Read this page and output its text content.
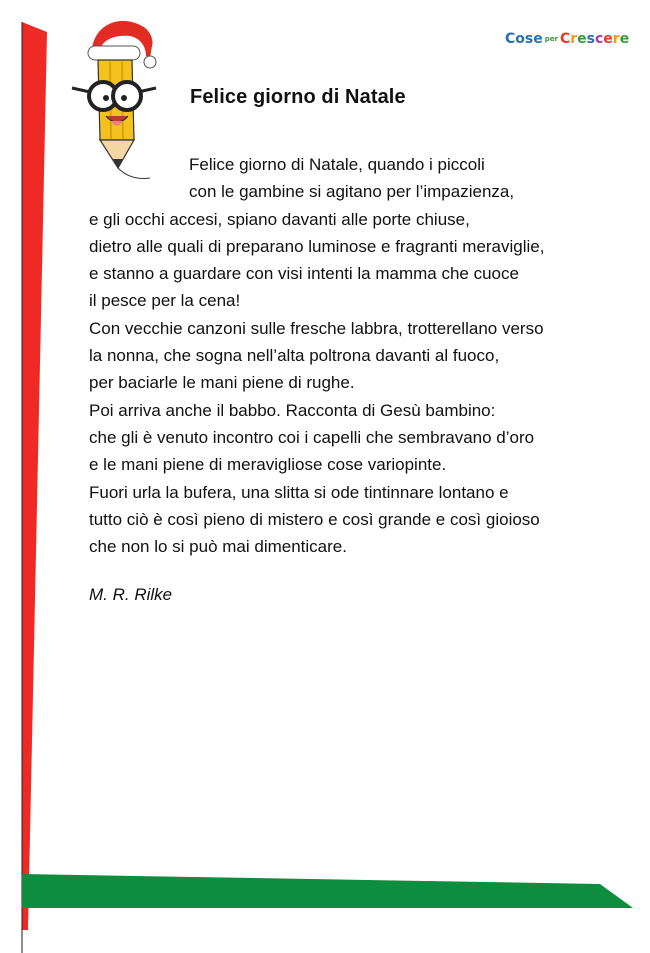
Cose per Crescere
Felice giorno di Natale
Felice giorno di Natale, quando i piccoli
con le gambine si agitano per l’impazienza,
e gli occhi accesi, spiano davanti alle porte chiuse,
dietro alle quali di preparano luminose e fragranti meraviglie,
e stanno a guardare con visi intenti la mamma che cuoce
il pesce per la cena!
Con vecchie canzoni sulle fresche labbra, trotterellano verso
la nonna, che sogna nell’alta poltrona davanti al fuoco,
per baciarle le mani piene di rughe.
Poi arriva anche il babbo. Racconta di Gesù bambino:
che gli è venuto incontro coi i capelli che sembravano d’oro
e le mani piene di meravigliose cose variopinte.
Fuori urla la bufera, una slitta si ode tintinnare lontano e
tutto ciò è così pieno di mistero e così grande e così gioioso
che non lo si può mai dimenticare.
M. R. Rilke
